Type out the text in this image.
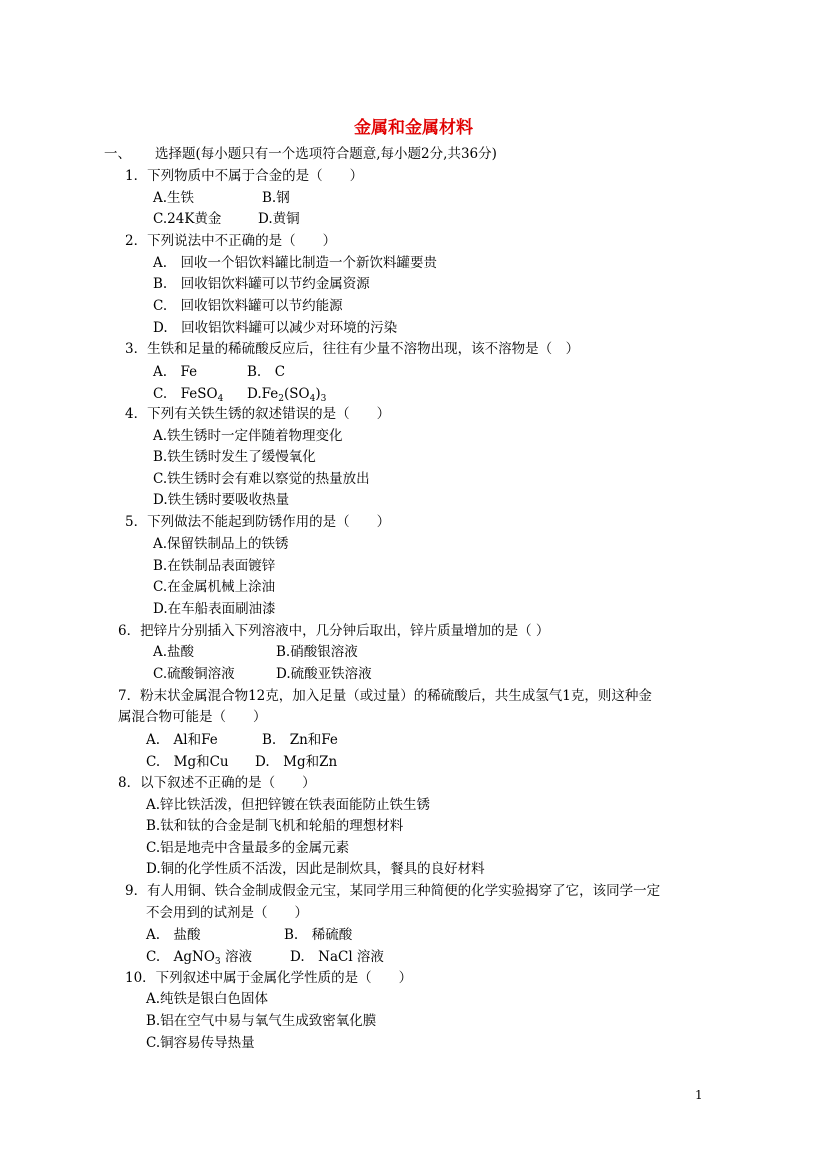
金属和金属材料
一、 选择题(每小题只有一个选项符合题意,每小题2分,共36分)
1．下列物质中不属于合金的是（　　）
A.生铁	B.钢
C.24K黄金	D.黄铜
2．下列说法中不正确的是（　　）
A.　回收一个铝饮料罐比制造一个新饮料罐要贵
B.　回收铝饮料罐可以节约金属资源
C.　回收铝饮料罐可以节约能源
D.　回收铝饮料罐可以减少对环境的污染
3．生铁和足量的稀硫酸反应后，往往有少量不溶物出现，该不溶物是（　）
A.　Fe	B.　C
C.　FeSO$_4$ $D.Fe_2(SO_4)_3$
4．下列有关铁生锈的叙述错误的是（　　）
A.铁生锈时一定伴随着物理变化
B.铁生锈时发生了缓慢氧化
C.铁生锈时会有难以察觉的热量放出
D.铁生锈时要吸收热量
5．下列做法不能起到防锈作用的是（　　）
A.保留铁制品上的铁锈
B.在铁制品表面镀锌
C.在金属机械上涂油
D.在车船表面刷油漆
6．把锌片分别插入下列溶液中，几分钟后取出，锌片质量增加的是（ ）
A.盐酸	B.硝酸银溶液
C.硫酸铜溶液	D.硫酸亚铁溶液
7．粉末状金属混合物12克，加入足量（或过量）的稀硫酸后，共生成氢气1克，则这种金
属混合物可能是（　　）
A.　Al和Fe	B.　Zn和Fe
C.　Mg和Cu D.　Mg和Zn
8．以下叙述不正确的是（　　）
A.锌比铁活泼，但把锌镀在铁表面能防止铁生锈
B.钛和钛的合金是制飞机和轮船的理想材料
C.铝是地壳中含量最多的金属元素
D.铜的化学性质不活泼，因此是制炊具，餐具的良好材料
9．有人用铜、铁合金制成假金元宝，某同学用三种简便的化学实验揭穿了它，该同学一定
不会用到的试剂是（　　）
A.　盐酸	B.　稀硫酸
C.　AgNO$_3$ 溶液	D.　NaCl 溶液
10．下列叙述中属于金属化学性质的是（　　）
A.纯铁是银白色固体
B.铝在空气中易与氧气生成致密氧化膜
C.铜容易传导热量
1
